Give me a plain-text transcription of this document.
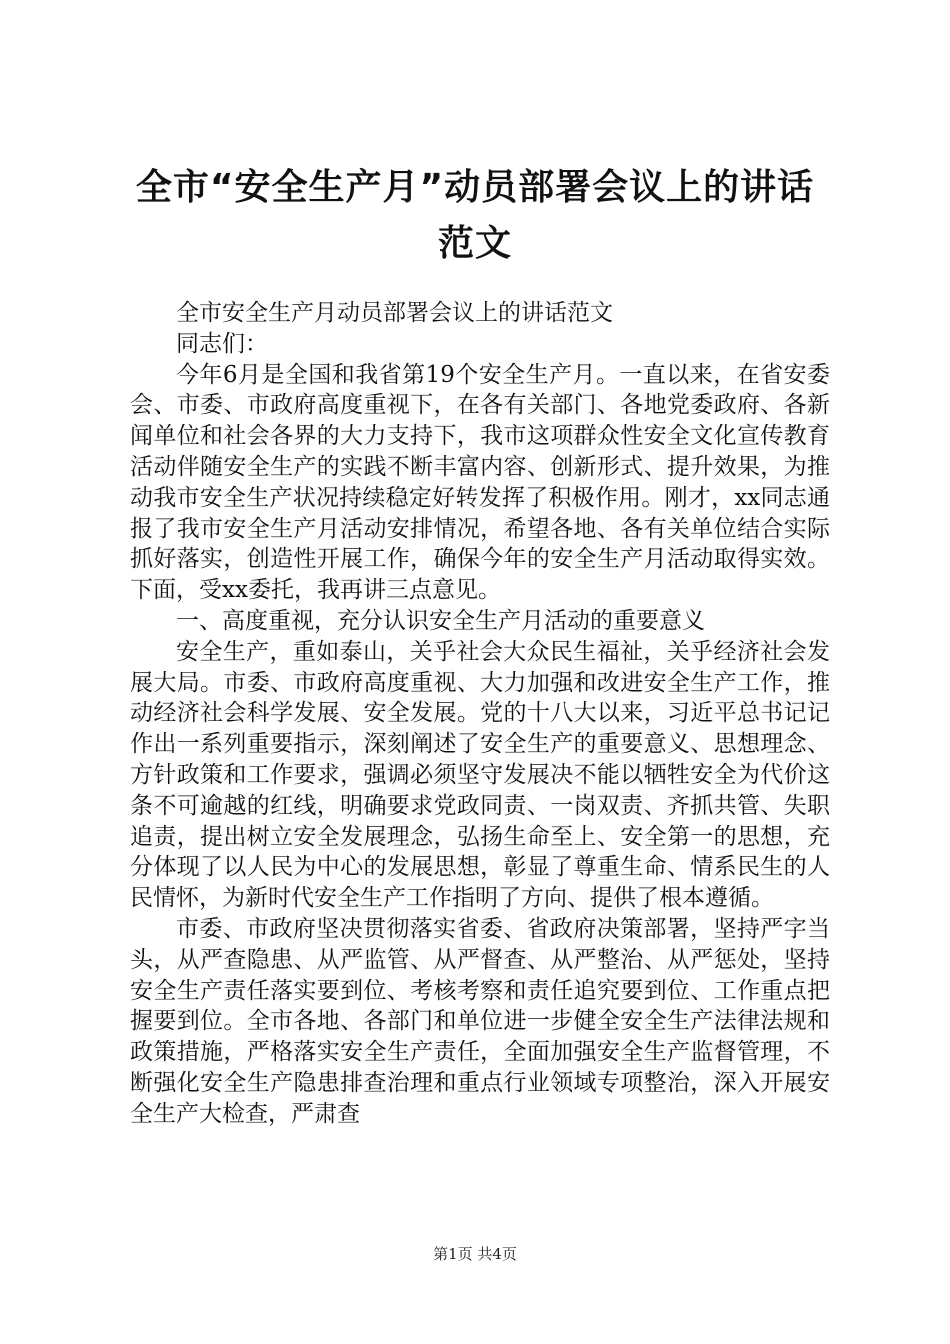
全市“安全生产月”动员部署会议上的讲话范文

全市安全生产月动员部署会议上的讲话范文

同志们：

今年6月是全国和我省第19个安全生产月。一直以来，在省安委会、市委、市政府高度重视下，在各有关部门、各地党委政府、各新闻单位和社会各界的大力支持下，我市这项群众性安全文化宣传教育活动伴随安全生产的实践不断丰富内容、创新形式、提升效果，为推动我市安全生产状况持续稳定好转发挥了积极作用。刚才，xx同志通报了我市安全生产月活动安排情况，希望各地、各有关单位结合实际抓好落实，创造性开展工作，确保今年的安全生产月活动取得实效。下面，受xx委托，我再讲三点意见。

一、高度重视，充分认识安全生产月活动的重要意义

安全生产，重如泰山，关乎社会大众民生福祉，关乎经济社会发展大局。市委、市政府高度重视、大力加强和改进安全生产工作，推动经济社会科学发展、安全发展。党的十八大以来，习近平总书记记作出一系列重要指示，深刻阐述了安全生产的重要意义、思想理念、方针政策和工作要求，强调必须坚守发展决不能以牺牲安全为代价这条不可逾越的红线，明确要求党政同责、一岗双责、齐抓共管、失职追责，提出树立安全发展理念，弘扬生命至上、安全第一的思想，充分体现了以人民为中心的发展思想，彰显了尊重生命、情系民生的人民情怀，为新时代安全生产工作指明了方向、提供了根本遵循。

市委、市政府坚决贯彻落实省委、省政府决策部署，坚持严字当头，从严查隐患、从严监管、从严督查、从严整治、从严惩处，坚持安全生产责任落实要到位、考核考察和责任追究要到位、工作重点把握要到位。全市各地、各部门和单位进一步健全安全生产法律法规和政策措施，严格落实安全生产责任，全面加强安全生产监督管理，不断强化安全生产隐患排查治理和重点行业领域专项整治，深入开展安全生产大检查，严肃查

第1页 共4页
